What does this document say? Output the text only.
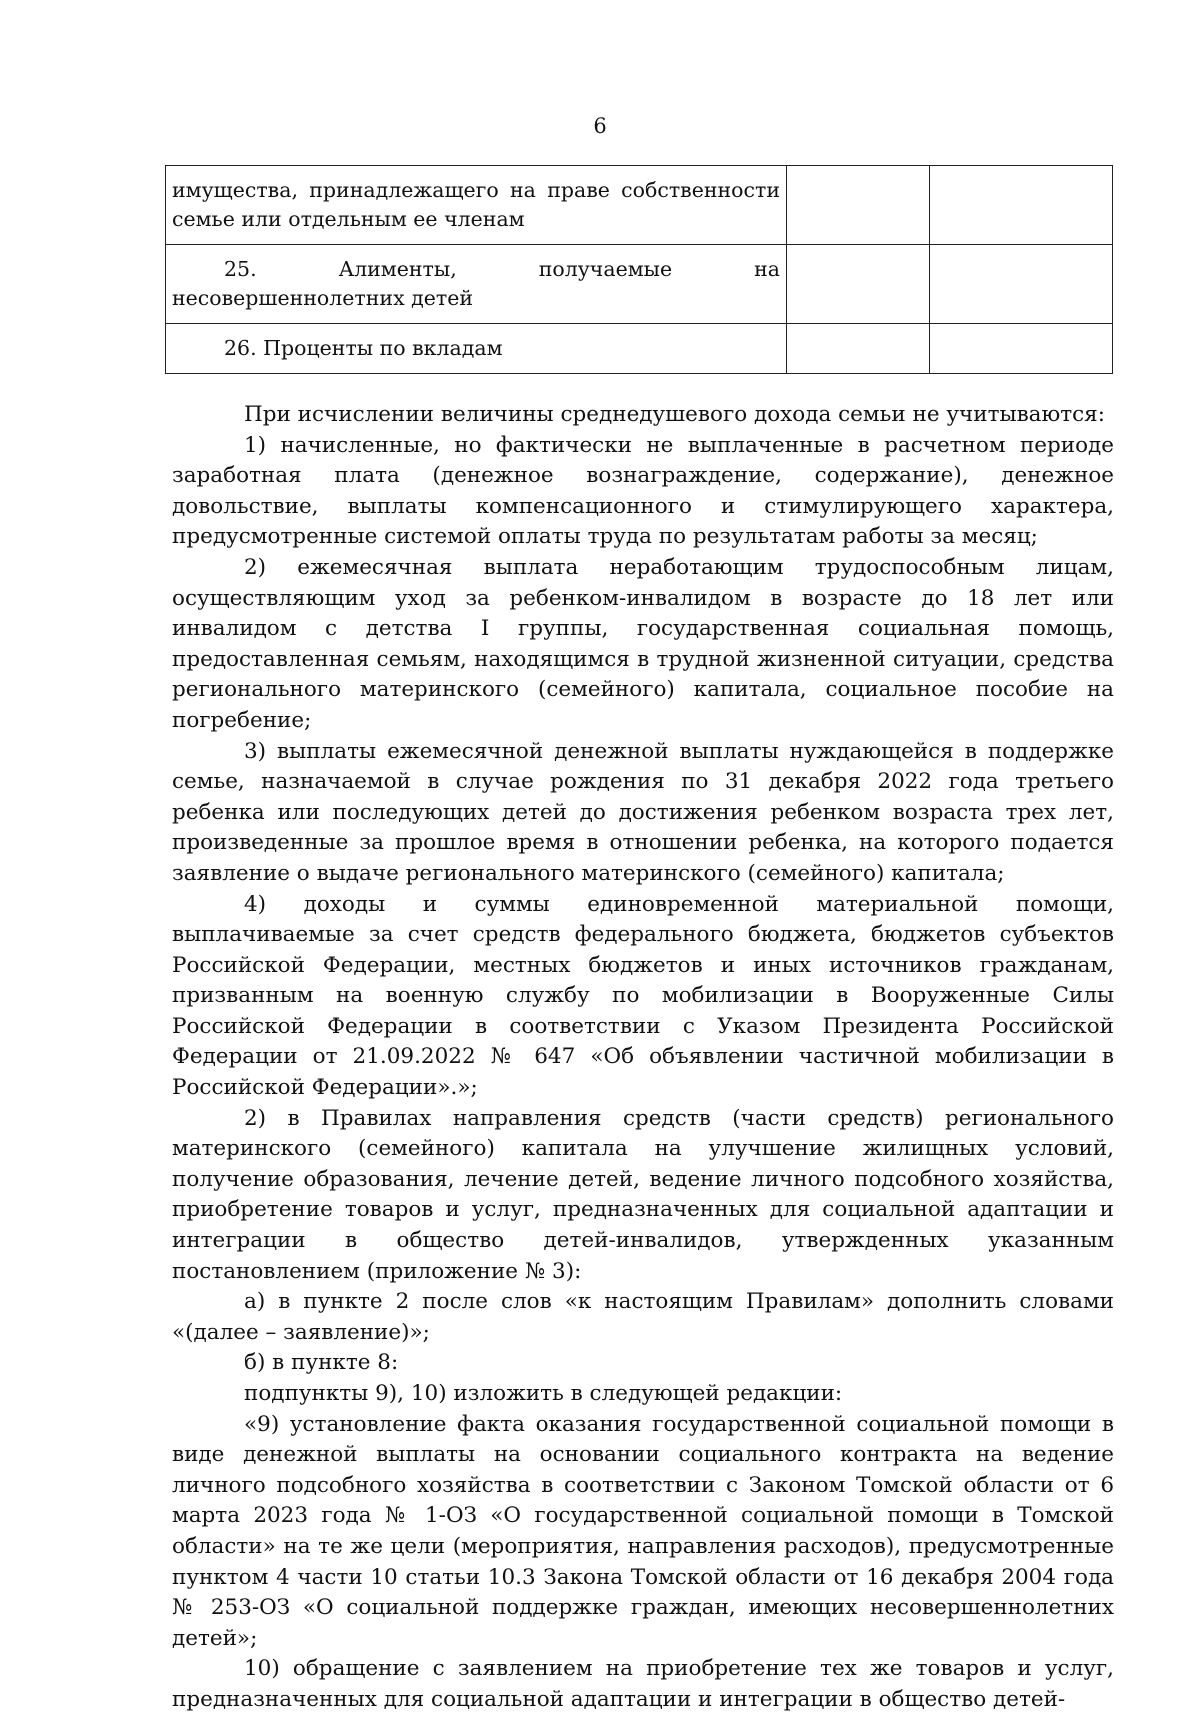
6
имущества, принадлежащего на праве собственности семье или отдельным ее членам		
25. Алименты, получаемые на несовершеннолетних детей		
26. Проценты по вкладам		

При исчислении величины среднедушевого дохода семьи не учитываются:

1) начисленные, но фактически не выплаченные в расчетном периоде заработная плата (денежное вознаграждение, содержание), денежное довольствие, выплаты компенсационного и стимулирующего характера, предусмотренные системой оплаты труда по результатам работы за месяц;

2) ежемесячная выплата неработающим трудоспособным лицам, осуществляющим уход за ребенком-инвалидом в возрасте до 18 лет или инвалидом с детства I группы, государственная социальная помощь, предоставленная семьям, находящимся в трудной жизненной ситуации, средства регионального материнского (семейного) капитала, социальное пособие на погребение;

3) выплаты ежемесячной денежной выплаты нуждающейся в поддержке семье, назначаемой в случае рождения по 31 декабря 2022 года третьего ребенка или последующих детей до достижения ребенком возраста трех лет, произведенные за прошлое время в отношении ребенка, на которого подается заявление о выдаче регионального материнского (семейного) капитала;

4) доходы и суммы единовременной материальной помощи, выплачиваемые за счет средств федерального бюджета, бюджетов субъектов Российской Федерации, местных бюджетов и иных источников гражданам, призванным на военную службу по мобилизации в Вооруженные Силы Российской Федерации в соответствии с Указом Президента Российской Федерации от 21.09.2022 № 647 «Об объявлении частичной мобилизации в Российской Федерации».»;

2) в Правилах направления средств (части средств) регионального материнского (семейного) капитала на улучшение жилищных условий, получение образования, лечение детей, ведение личного подсобного хозяйства, приобретение товаров и услуг, предназначенных для социальной адаптации и интеграции в общество детей-инвалидов, утвержденных указанным постановлением (приложение № 3):

а) в пункте 2 после слов «к настоящим Правилам» дополнить словами «(далее – заявление)»;

б) в пункте 8:

подпункты 9), 10) изложить в следующей редакции:

«9) установление факта оказания государственной социальной помощи в виде денежной выплаты на основании социального контракта на ведение личного подсобного хозяйства в соответствии с Законом Томской области от 6 марта 2023 года № 1-ОЗ «О государственной социальной помощи в Томской области» на те же цели (мероприятия, направления расходов), предусмотренные пунктом 4 части 10 статьи 10.3 Закона Томской области от 16 декабря 2004 года № 253-ОЗ «О социальной поддержке граждан, имеющих несовершеннолетних детей»;

10) обращение с заявлением на приобретение тех же товаров и услуг, предназначенных для социальной адаптации и интеграции в общество детей-
